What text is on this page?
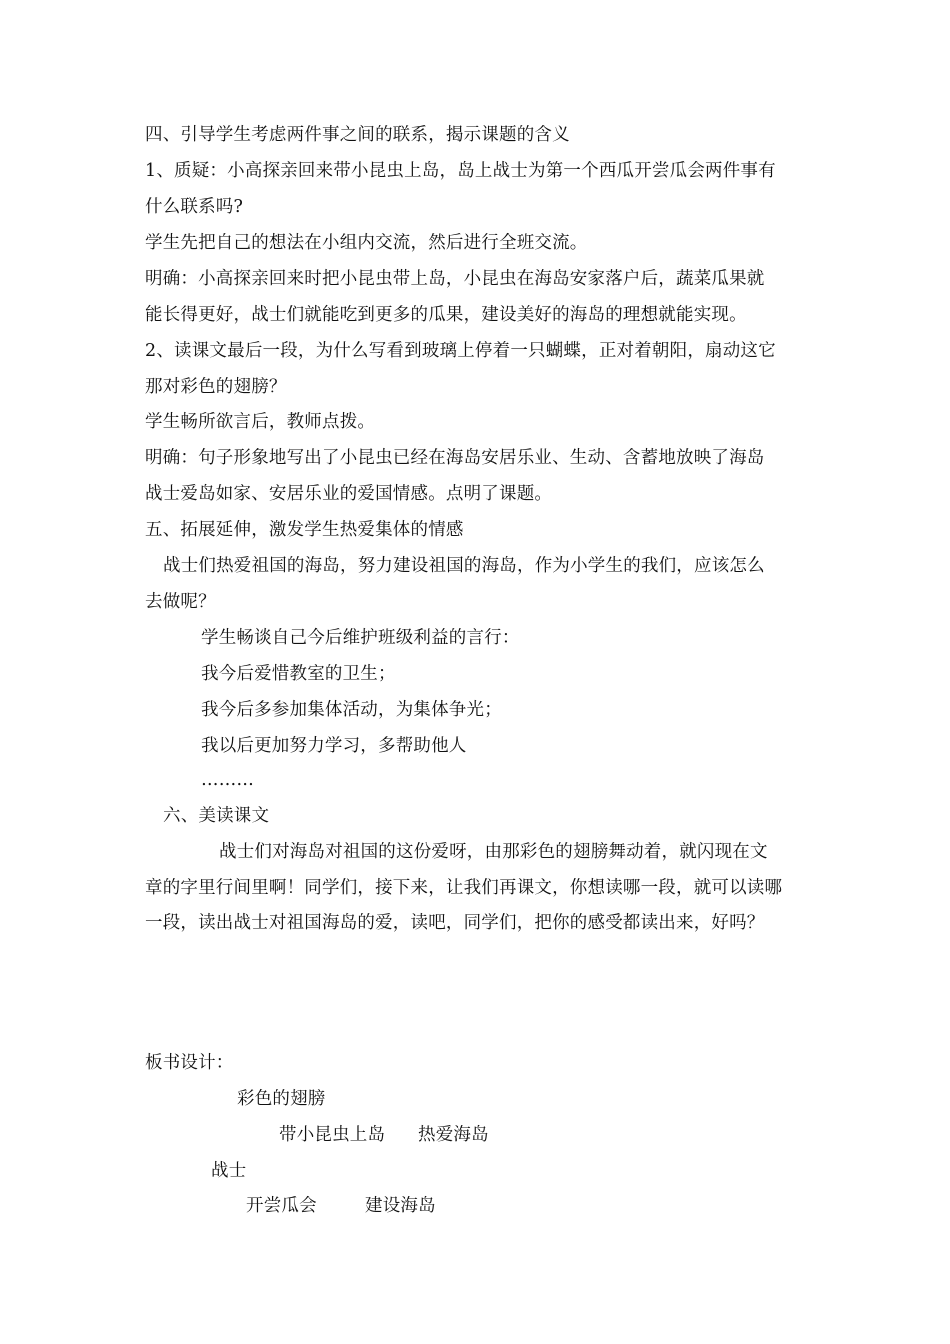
四、引导学生考虑两件事之间的联系，揭示课题的含义
1、质疑：小高探亲回来带小昆虫上岛，岛上战士为第一个西瓜开尝瓜会两件事有
什么联系吗?
学生先把自己的想法在小组内交流，然后进行全班交流。
明确：小高探亲回来时把小昆虫带上岛，小昆虫在海岛安家落户后，蔬菜瓜果就
能长得更好，战士们就能吃到更多的瓜果，建设美好的海岛的理想就能实现。
2、读课文最后一段，为什么写看到玻璃上停着一只蝴蝶，正对着朝阳，扇动这它
那对彩色的翅膀？
学生畅所欲言后，教师点拨。
明确：句子形象地写出了小昆虫已经在海岛安居乐业、生动、含蓄地放映了海岛
战士爱岛如家、安居乐业的爱国情感。点明了课题。
五、拓展延伸，激发学生热爱集体的情感
战士们热爱祖国的海岛，努力建设祖国的海岛，作为小学生的我们，应该怎么
去做呢？
学生畅谈自己今后维护班级利益的言行：
我今后爱惜教室的卫生；
我今后多参加集体活动，为集体争光；
我以后更加努力学习，多帮助他人
………
六、美读课文
战士们对海岛对祖国的这份爱呀，由那彩色的翅膀舞动着，就闪现在文
章的字里行间里啊！同学们，接下来，让我们再课文，你想读哪一段，就可以读哪
一段，读出战士对祖国海岛的爱，读吧，同学们，把你的感受都读出来，好吗？
板书设计：
彩色的翅膀
带小昆虫上岛 热爱海岛
战士
开尝瓜会	建设海岛
